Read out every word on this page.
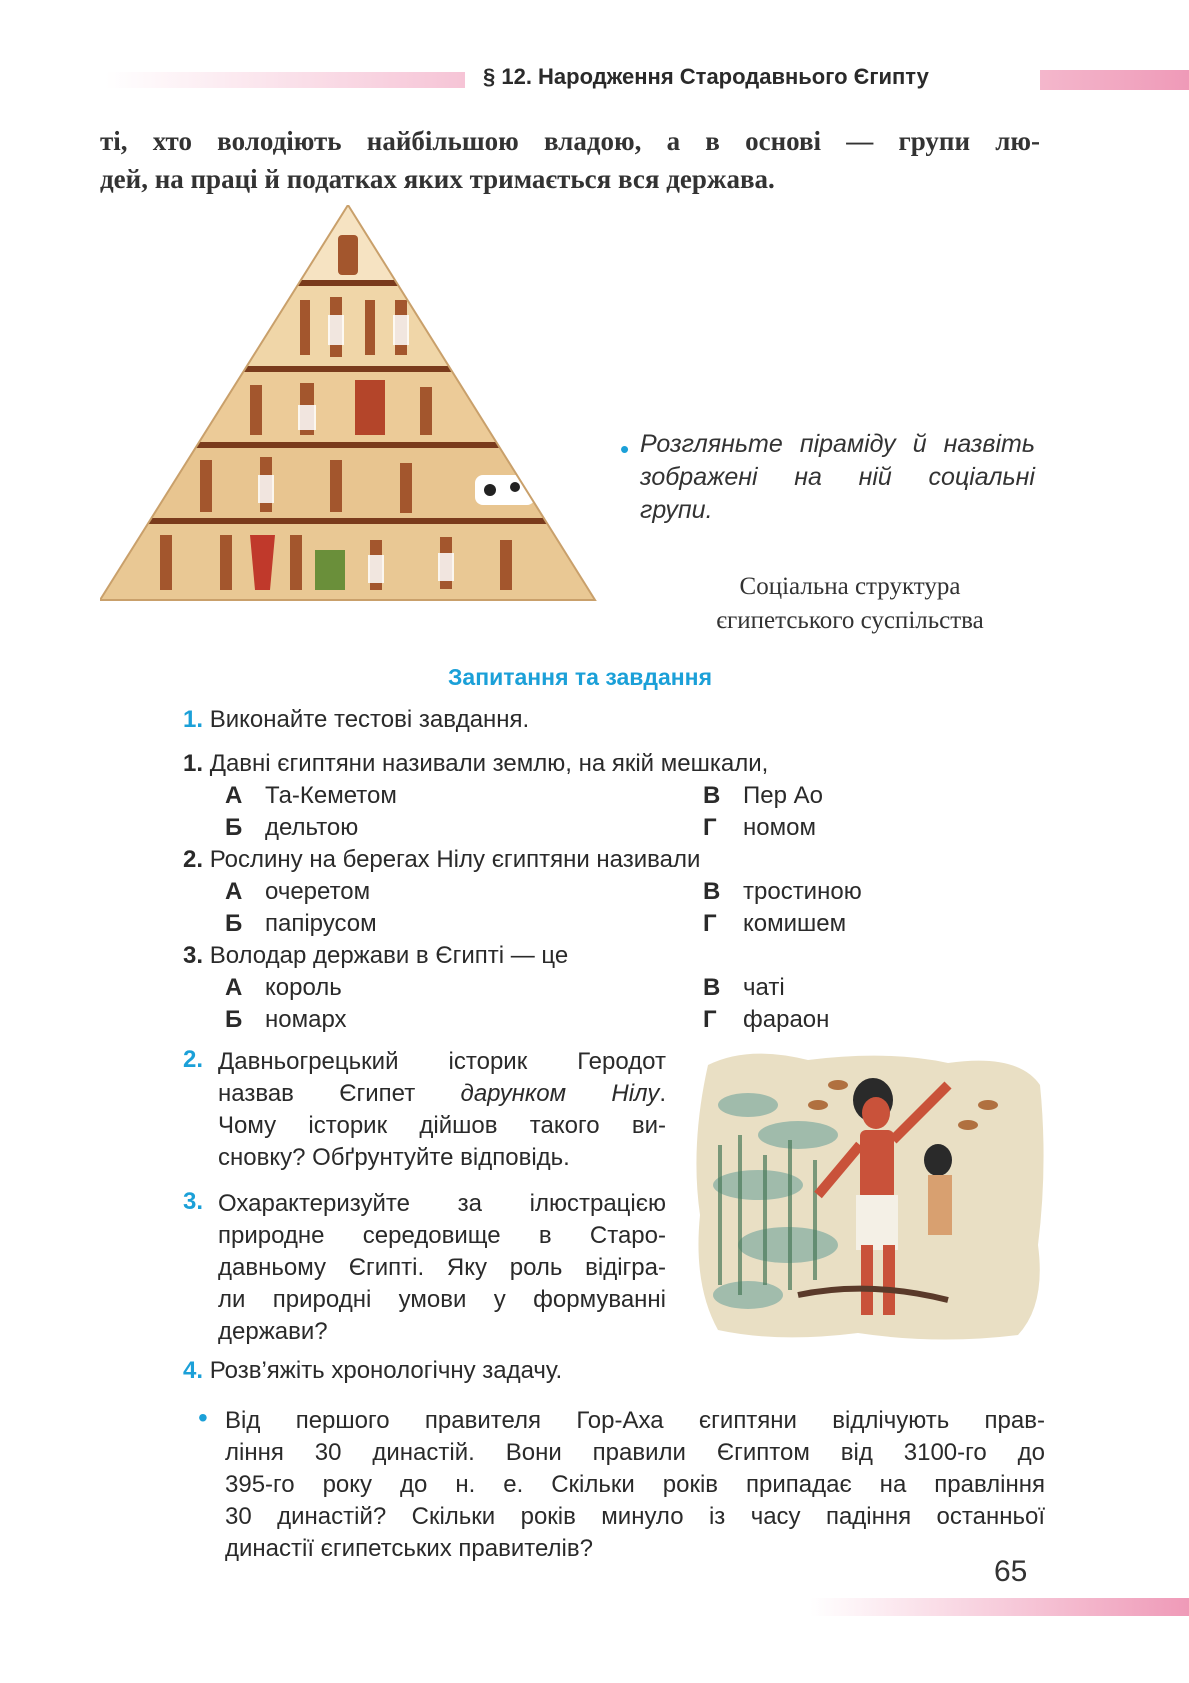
§ 12. Народження Стародавнього Єгипту
ті, хто володіють найбільшою владою, а в основі — групи лю-
дей, на праці й податках яких тримається вся держава.
• Розгляньте піраміду й назвіть
зображені на ній соціальні
групи.
Соціальна структура
єгипетського суспільства
Запитання та завдання
1. Виконайте тестові завдання.
1. Давні єгиптяни називали землю, на якій мешкали,
А Та-Кеметом
Б дельтою
В Пер Ао
Г номом
2. Рослину на берегах Нілу єгиптяни називали
А очеретом
Б папірусом
В тростиною
Г комишем
3. Володар держави в Єгипті — це
А король
Б номарх
В чаті
Г фараон
2. Давньогрецький історик Геродот
назвав Єгипет дарунком Нілу.
Чому історик дійшов такого ви-
сновку? Обґрунтуйте відповідь.
3. Охарактеризуйте за ілюстрацією
природне середовище в Старо-
давньому Єгипті. Яку роль відігра-
ли природні умови у формуванні
держави?
4. Розв’яжіть хронологічну задачу.
• Від першого правителя Гор-Аха єгиптяни відлічують прав-
ління 30 династій. Вони правили Єгиптом від 3100-го до
395-го року до н. е. Скільки років припадає на правління
30 династій? Скільки років минуло із часу падіння останньої
династії єгипетських правителів?
65
